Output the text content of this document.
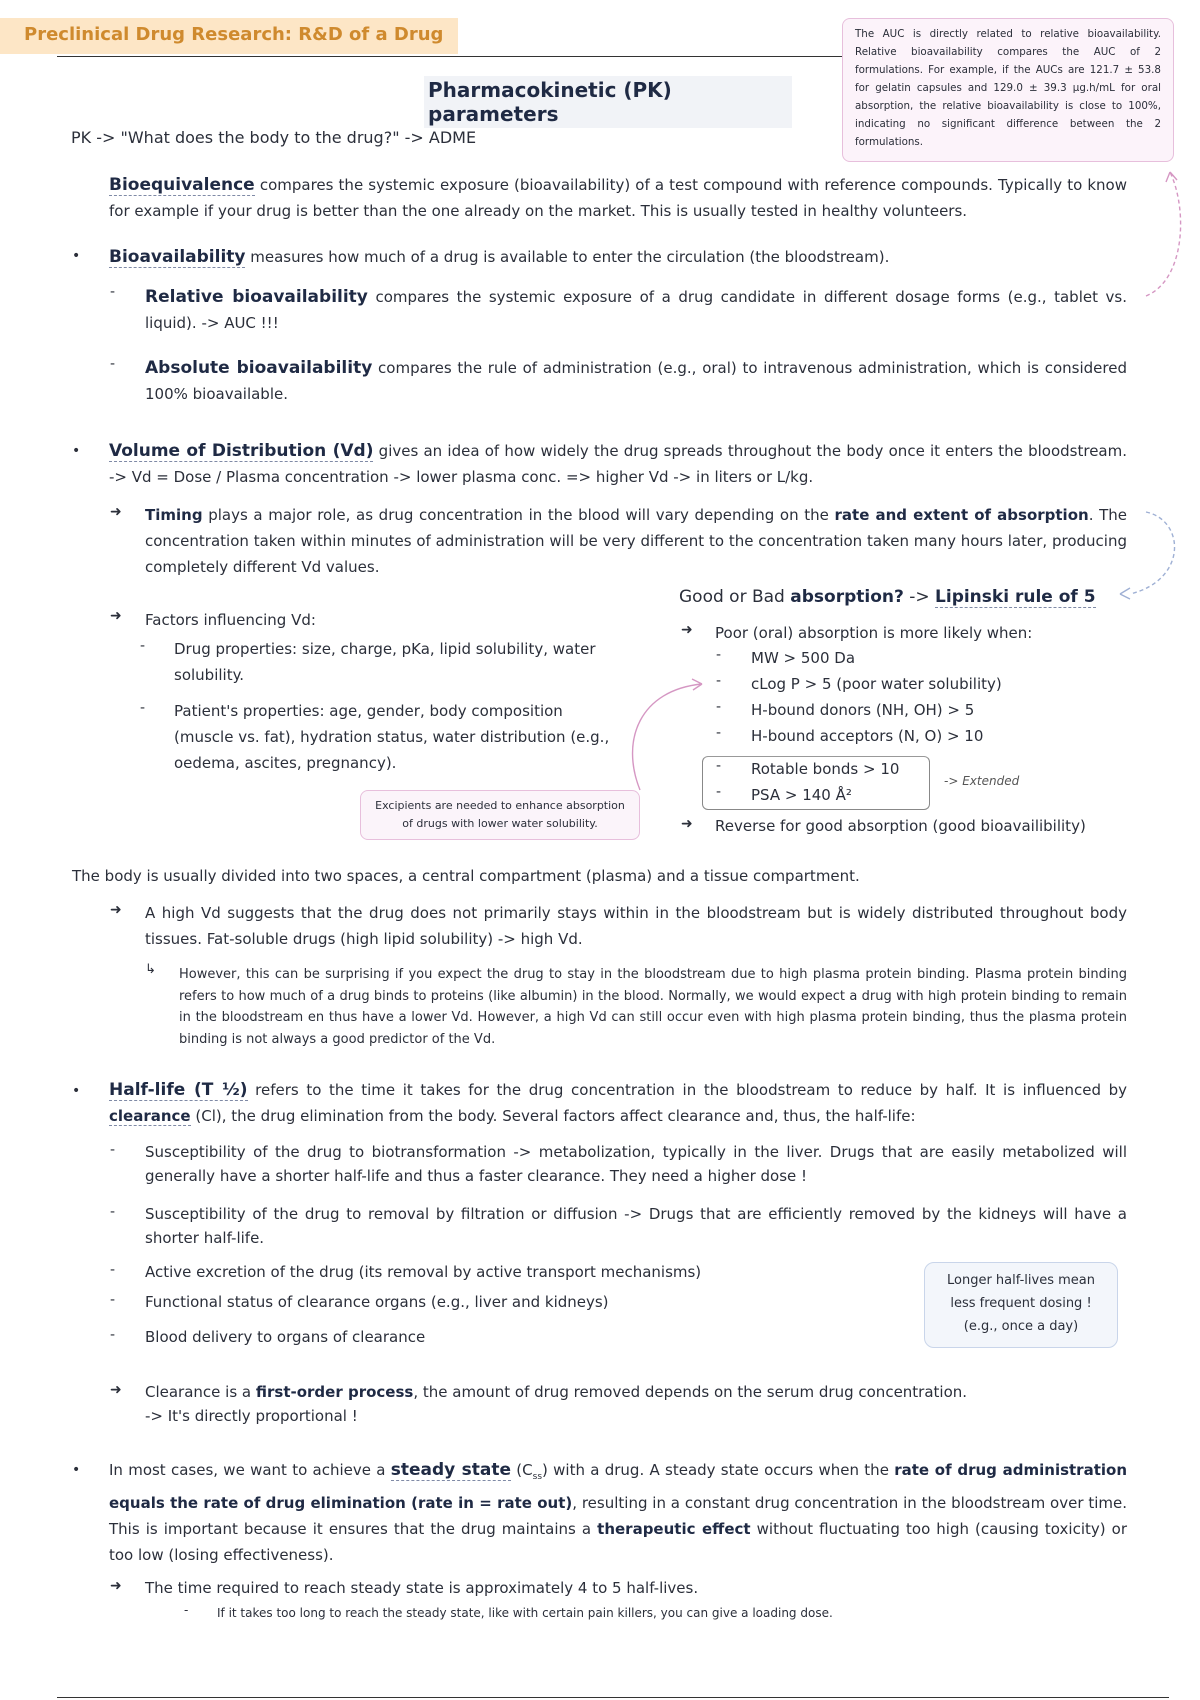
Preclinical Drug Research: R&D of a Drug	The AUC is directly related to relative bioavailability. Relative bioavailability compares the AUC of 2 formulations. For example, if the AUCs are 121.7 ± 53.8 for gelatin capsules and 129.0 ± 39.3 µg.h/mL for oral absorption, the relative bioavailability is close to 100%, indicating no significant difference between the 2 formulations.
Pharmacokinetic (PK) parameters
PK -> "What does the body to the drug?" -> ADME
Bioequivalence compares the systemic exposure (bioavailability) of a test compound with reference compounds. Typically to know for example if your drug is better than the one already on the market. This is usually tested in healthy volunteers.
• Bioavailability measures how much of a drug is available to enter the circulation (the bloodstream).
- Relative bioavailability compares the systemic exposure of a drug candidate in different dosage forms (e.g., tablet vs. liquid). -> AUC !!!
- Absolute bioavailability compares the rule of administration (e.g., oral) to intravenous administration, which is considered 100% bioavailable.
• Volume of Distribution (Vd) gives an idea of how widely the drug spreads throughout the body once it enters the bloodstream. -> Vd = Dose / Plasma concentration -> lower plasma conc. => higher Vd -> in liters or L/kg.
➜ Timing plays a major role, as drug concentration in the blood will vary depending on the rate and extent of absorption. The concentration taken within minutes of administration will be very different to the concentration taken many hours later, producing completely different Vd values.
➜ Factors influencing Vd:
- Drug properties: size, charge, pKa, lipid solubility, water solubility.
- Patient's properties: age, gender, body composition (muscle vs. fat), hydration status, water distribution (e.g., oedema, ascites, pregnancy).
Excipients are needed to enhance absorption of drugs with lower water solubility.
Good or Bad absorption? -> Lipinski rule of 5
➜ Poor (oral) absorption is more likely when:
- MW > 500 Da
- cLog P > 5 (poor water solubility)
- H-bound donors (NH, OH) > 5
- H-bound acceptors (N, O) > 10
- Rotable bonds > 10
- PSA > 140 Å²
-> Extended
➜ Reverse for good absorption (good bioavailibility)
The body is usually divided into two spaces, a central compartment (plasma) and a tissue compartment.
➜ A high Vd suggests that the drug does not primarily stays within in the bloodstream but is widely distributed throughout body tissues. Fat-soluble drugs (high lipid solubility) -> high Vd.
↳ However, this can be surprising if you expect the drug to stay in the bloodstream due to high plasma protein binding. Plasma protein binding refers to how much of a drug binds to proteins (like albumin) in the blood. Normally, we would expect a drug with high protein binding to remain in the bloodstream en thus have a lower Vd. However, a high Vd can still occur even with high plasma protein binding, thus the plasma protein binding is not always a good predictor of the Vd.
• Half-life (T ½) refers to the time it takes for the drug concentration in the bloodstream to reduce by half. It is influenced by clearance (Cl), the drug elimination from the body. Several factors affect clearance and, thus, the half-life:
- Susceptibility of the drug to biotransformation -> metabolization, typically in the liver. Drugs that are easily metabolized will generally have a shorter half-life and thus a faster clearance. They need a higher dose !
- Susceptibility of the drug to removal by filtration or diffusion -> Drugs that are efficiently removed by the kidneys will have a shorter half-life.
- Active excretion of the drug (its removal by active transport mechanisms)
- Functional status of clearance organs (e.g., liver and kidneys)
- Blood delivery to organs of clearance
Longer half-lives mean less frequent dosing ! (e.g., once a day)
➜ Clearance is a first-order process, the amount of drug removed depends on the serum drug concentration.
-> It's directly proportional !
• In most cases, we want to achieve a steady state $(C_{ss})$ with a drug. A steady state occurs when the rate of drug administration equals the rate of drug elimination (rate in = rate out), resulting in a constant drug concentration in the bloodstream over time. This is important because it ensures that the drug maintains a therapeutic effect without fluctuating too high (causing toxicity) or too low (losing effectiveness).
➜ The time required to reach steady state is approximately 4 to 5 half-lives.
- If it takes too long to reach the steady state, like with certain pain killers, you can give a loading dose.
